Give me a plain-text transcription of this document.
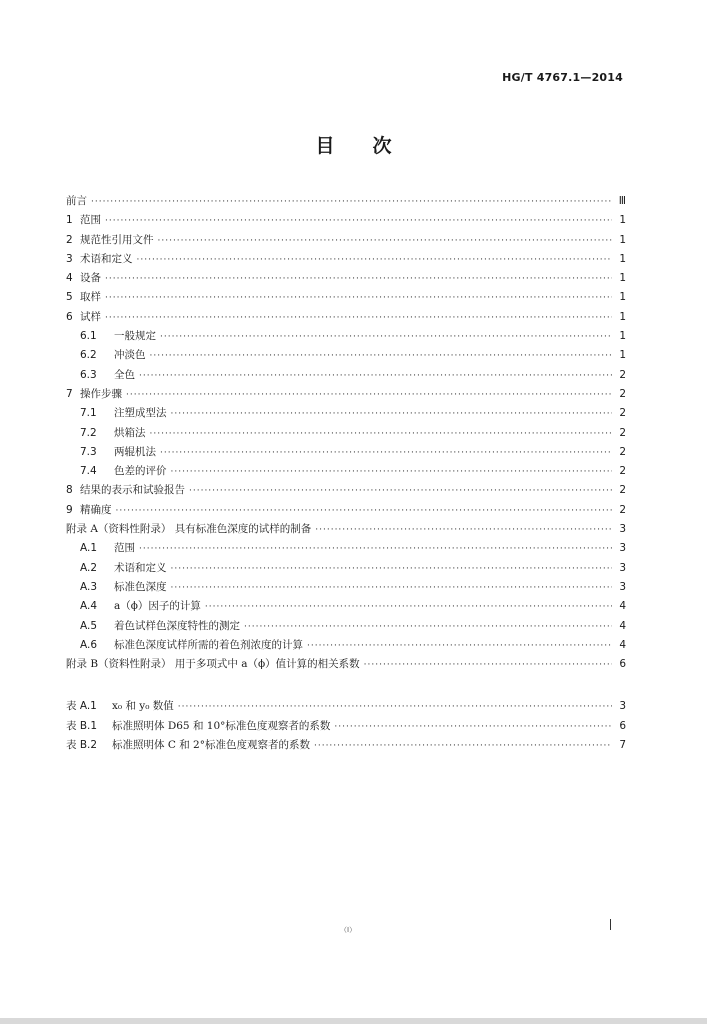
HG/T 4767.1—2014
目 次
前言 ·····	Ⅲ
1 范围 ·····	1
2 规范性引用文件 ·····	1
3 术语和定义 ·····	1
4 设备 ·····	1
5 取样 ·····	1
6 试样 ·····	1
6.1	一般规定 ·····	1
6.2	冲淡色 ·····	1
6.3	全色 ·····	2
7 操作步骤 ·····	2
7.1	注塑成型法 ·····	2
7.2	烘箱法 ·····	2
7.3	两辊机法 ·····	2
7.4	色差的评价 ·····	2
8 结果的表示和试验报告 ·····	2
9 精确度 ·····	2
附录 A（资料性附录） 具有标准色深度的试样的制备 ·····	3
A.1	范围 ·····	3
A.2	术语和定义 ·····	3
A.3	标准色深度 ·····	3
A.4	a（ϕ）因子的计算 ·····	4
A.5	着色试样色深度特性的测定 ·····	4
A.6	标准色深度试样所需的着色剂浓度的计算 ·····	4
附录 B（资料性附录） 用于多项式中 a（ϕ）值计算的相关系数 ·····	6
表 A.1	x₀ 和 y₀ 数值 ·····	3
表 B.1	标准照明体 D65 和 10°标准色度观察者的系数 ·····	6
表 B.2	标准照明体 C 和 2°标准色度观察者的系数 ·····	7
（Ⅰ）
